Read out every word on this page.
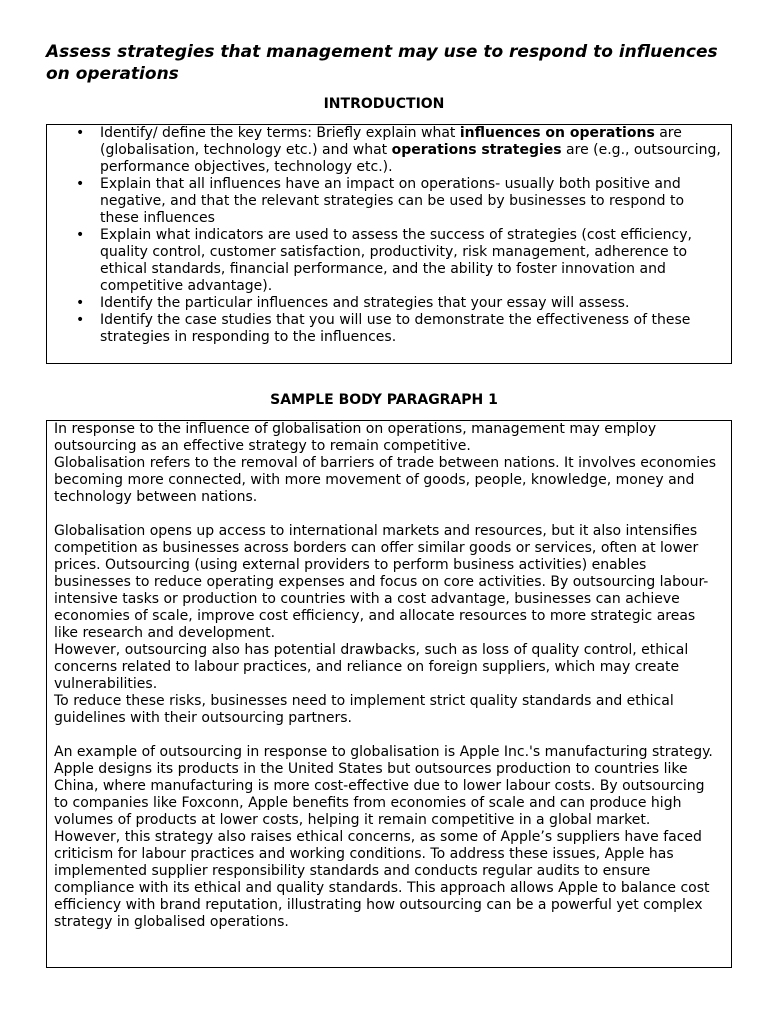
Assess strategies that management may use to respond to influences on operations
INTRODUCTION
• Identify/ define the key terms: Briefly explain what influences on operations are (globalisation, technology etc.) and what operations strategies are (e.g., outsourcing, performance objectives, technology etc.).
• Explain that all influences have an impact on operations- usually both positive and negative, and that the relevant strategies can be used by businesses to respond to these influences
• Explain what indicators are used to assess the success of strategies (cost efficiency, quality control, customer satisfaction, productivity, risk management, adherence to ethical standards, financial performance, and the ability to foster innovation and competitive advantage).
• Identify the particular influences and strategies that your essay will assess.
• Identify the case studies that you will use to demonstrate the effectiveness of these strategies in responding to the influences.
SAMPLE BODY PARAGRAPH 1

In response to the influence of globalisation on operations, management may employ outsourcing as an effective strategy to remain competitive.

Globalisation refers to the removal of barriers of trade between nations. It involves economies becoming more connected, with more movement of goods, people, knowledge, money and technology between nations.

Globalisation opens up access to international markets and resources, but it also intensifies competition as businesses across borders can offer similar goods or services, often at lower prices. Outsourcing (using external providers to perform business activities) enables businesses to reduce operating expenses and focus on core activities. By outsourcing labour-intensive tasks or production to countries with a cost advantage, businesses can achieve economies of scale, improve cost efficiency, and allocate resources to more strategic areas like research and development.

However, outsourcing also has potential drawbacks, such as loss of quality control, ethical concerns related to labour practices, and reliance on foreign suppliers, which may create vulnerabilities.

To reduce these risks, businesses need to implement strict quality standards and ethical guidelines with their outsourcing partners.

An example of outsourcing in response to globalisation is Apple Inc.'s manufacturing strategy. Apple designs its products in the United States but outsources production to countries like China, where manufacturing is more cost-effective due to lower labour costs. By outsourcing to companies like Foxconn, Apple benefits from economies of scale and can produce high volumes of products at lower costs, helping it remain competitive in a global market.

However, this strategy also raises ethical concerns, as some of Apple’s suppliers have faced criticism for labour practices and working conditions. To address these issues, Apple has implemented supplier responsibility standards and conducts regular audits to ensure compliance with its ethical and quality standards. This approach allows Apple to balance cost efficiency with brand reputation, illustrating how outsourcing can be a powerful yet complex strategy in globalised operations.
